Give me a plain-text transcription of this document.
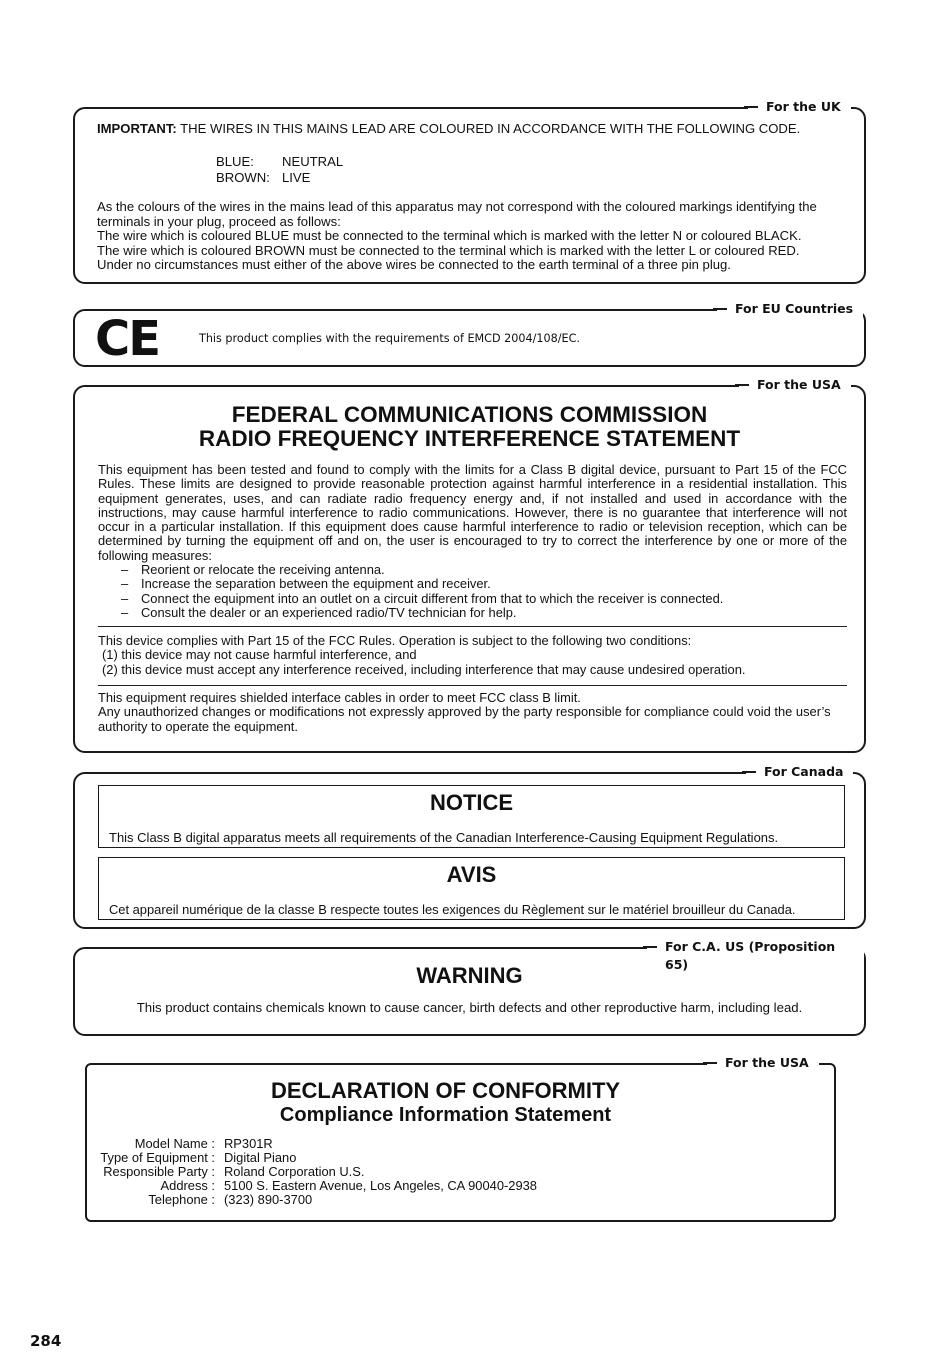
For the UK
IMPORTANT: THE WIRES IN THIS MAINS LEAD ARE COLOURED IN ACCORDANCE WITH THE FOLLOWING CODE.
BLUE:	NEUTRAL
BROWN: LIVE
As the colours of the wires in the mains lead of this apparatus may not correspond with the coloured markings identifying the terminals in your plug, proceed as follows:
The wire which is coloured BLUE must be connected to the terminal which is marked with the letter N or coloured BLACK.
The wire which is coloured BROWN must be connected to the terminal which is marked with the letter L or coloured RED.
Under no circumstances must either of the above wires be connected to the earth terminal of a three pin plug.
For EU Countries
CE	This product complies with the requirements of EMCD 2004/108/EC.
For the USA
FEDERAL COMMUNICATIONS COMMISSION
RADIO FREQUENCY INTERFERENCE STATEMENT
This equipment has been tested and found to comply with the limits for a Class B digital device, pursuant to Part 15 of the FCC Rules. These limits are designed to provide reasonable protection against harmful interference in a residential installation. This equipment generates, uses, and can radiate radio frequency energy and, if not installed and used in accordance with the instructions, may cause harmful interference to radio communications. However, there is no guarantee that interference will not occur in a particular installation. If this equipment does cause harmful interference to radio or television reception, which can be determined by turning the equipment off and on, the user is encouraged to try to correct the interference by one or more of the following measures:
– Reorient or relocate the receiving antenna.
– Increase the separation between the equipment and receiver.
– Connect the equipment into an outlet on a circuit different from that to which the receiver is connected.
– Consult the dealer or an experienced radio/TV technician for help.
This device complies with Part 15 of the FCC Rules. Operation is subject to the following two conditions:
(1) this device may not cause harmful interference, and
(2) this device must accept any interference received, including interference that may cause undesired operation.
This equipment requires shielded interface cables in order to meet FCC class B limit.
Any unauthorized changes or modifications not expressly approved by the party responsible for compliance could void the user’s authority to operate the equipment.
For Canada
NOTICE
This Class B digital apparatus meets all requirements of the Canadian Interference-Causing Equipment Regulations.
AVIS
Cet appareil numérique de la classe B respecte toutes les exigences du Règlement sur le matériel brouilleur du Canada.
For C.A. US (Proposition 65)
WARNING
This product contains chemicals known to cause cancer, birth defects and other reproductive harm, including lead.
For the USA
DECLARATION OF CONFORMITY
Compliance Information Statement
Model Name : RP301R
Type of Equipment : Digital Piano
Responsible Party : Roland Corporation U.S.
Address : 5100 S. Eastern Avenue, Los Angeles, CA 90040-2938
Telephone : (323) 890-3700
284
